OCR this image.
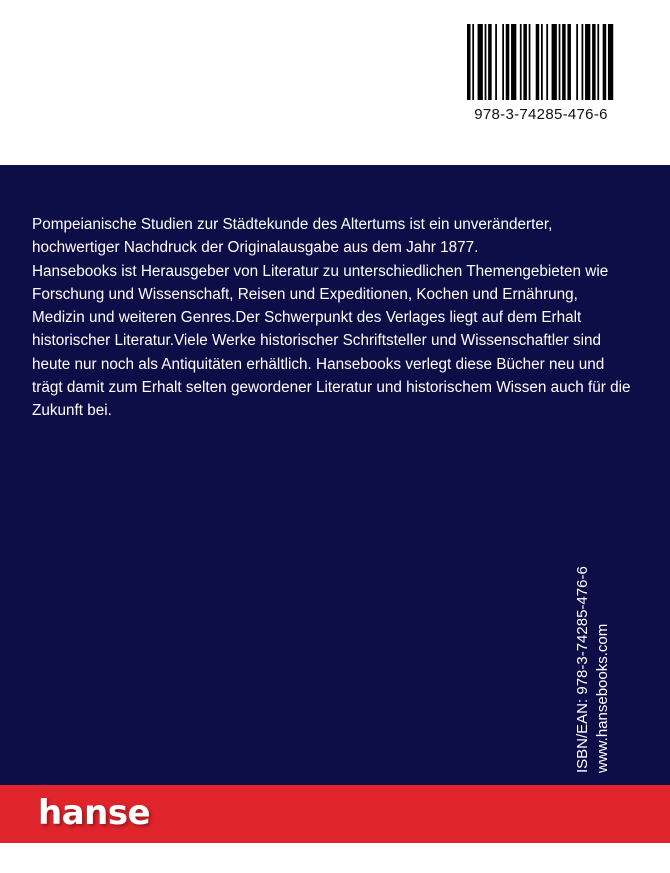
978-3-74285-476-6

Pompeianische Studien zur Städtekunde des Altertums ist ein unveränderter, hochwertiger Nachdruck der Originalausgabe aus dem Jahr 1877.

Hansebooks ist Herausgeber von Literatur zu unterschiedlichen Themengebieten wie Forschung und Wissenschaft, Reisen und Expeditionen, Kochen und Ernährung, Medizin und weiteren Genres.Der Schwerpunkt des Verlages liegt auf dem Erhalt historischer Literatur.Viele Werke historischer Schriftsteller und Wissenschaftler sind heute nur noch als Antiquitäten erhältlich. Hansebooks verlegt diese Bücher neu und trägt damit zum Erhalt selten gewordener Literatur und historischem Wissen auch für die Zukunft bei.

ISBN/EAN: 978-3-74285-476-6 www.hansebooks.com
hanse
